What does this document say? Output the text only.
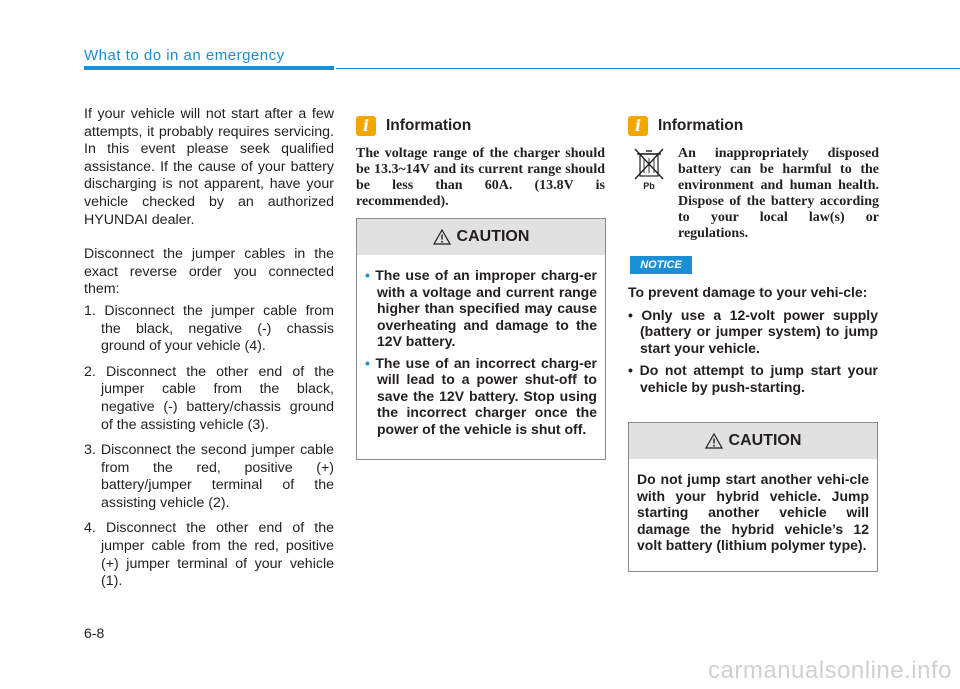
What to do in an emergency

If your vehicle will not start after a few attempts, it probably requires servicing. In this event please seek qualified assistance. If the cause of your battery discharging is not apparent, have your vehicle checked by an authorized HYUNDAI dealer.

Disconnect the jumper cables in the exact reverse order you connected them:

1. Disconnect the jumper cable from the black, negative (-) chassis ground of your vehicle (4).
2. Disconnect the other end of the jumper cable from the black, negative (-) battery/chassis ground of the assisting vehicle (3).
3. Disconnect the second jumper cable from the red, positive (+) battery/jumper terminal of the assisting vehicle (2).
4. Disconnect the other end of the jumper cable from the red, positive (+) jumper terminal of your vehicle (1).
i	Information
The voltage range of the charger should be 13.3~14V and its current range should be less than 60A. (13.8V is recommended).
CAUTION
• The use of an improper charg-er with a voltage and current range higher than specified may cause overheating and damage to the 12V battery.
• The use of an incorrect charg-er will lead to a power shut-off to save the 12V battery. Stop using the incorrect charger once the power of the vehicle is shut off.
i	Information
Pb
An inappropriately disposed battery can be harmful to the environment and human health. Dispose of the battery according to your local law(s) or regulations.
NOTICE

To prevent damage to your vehi-cle:

• Only use a 12-volt power supply (battery or jumper system) to jump start your vehicle.
• Do not attempt to jump start your vehicle by push-starting.
CAUTION
Do not jump start another vehi-cle with your hybrid vehicle. Jump starting another vehicle will damage the hybrid vehicle’s 12 volt battery (lithium polymer type).
6-8
carmanualsonline.info
